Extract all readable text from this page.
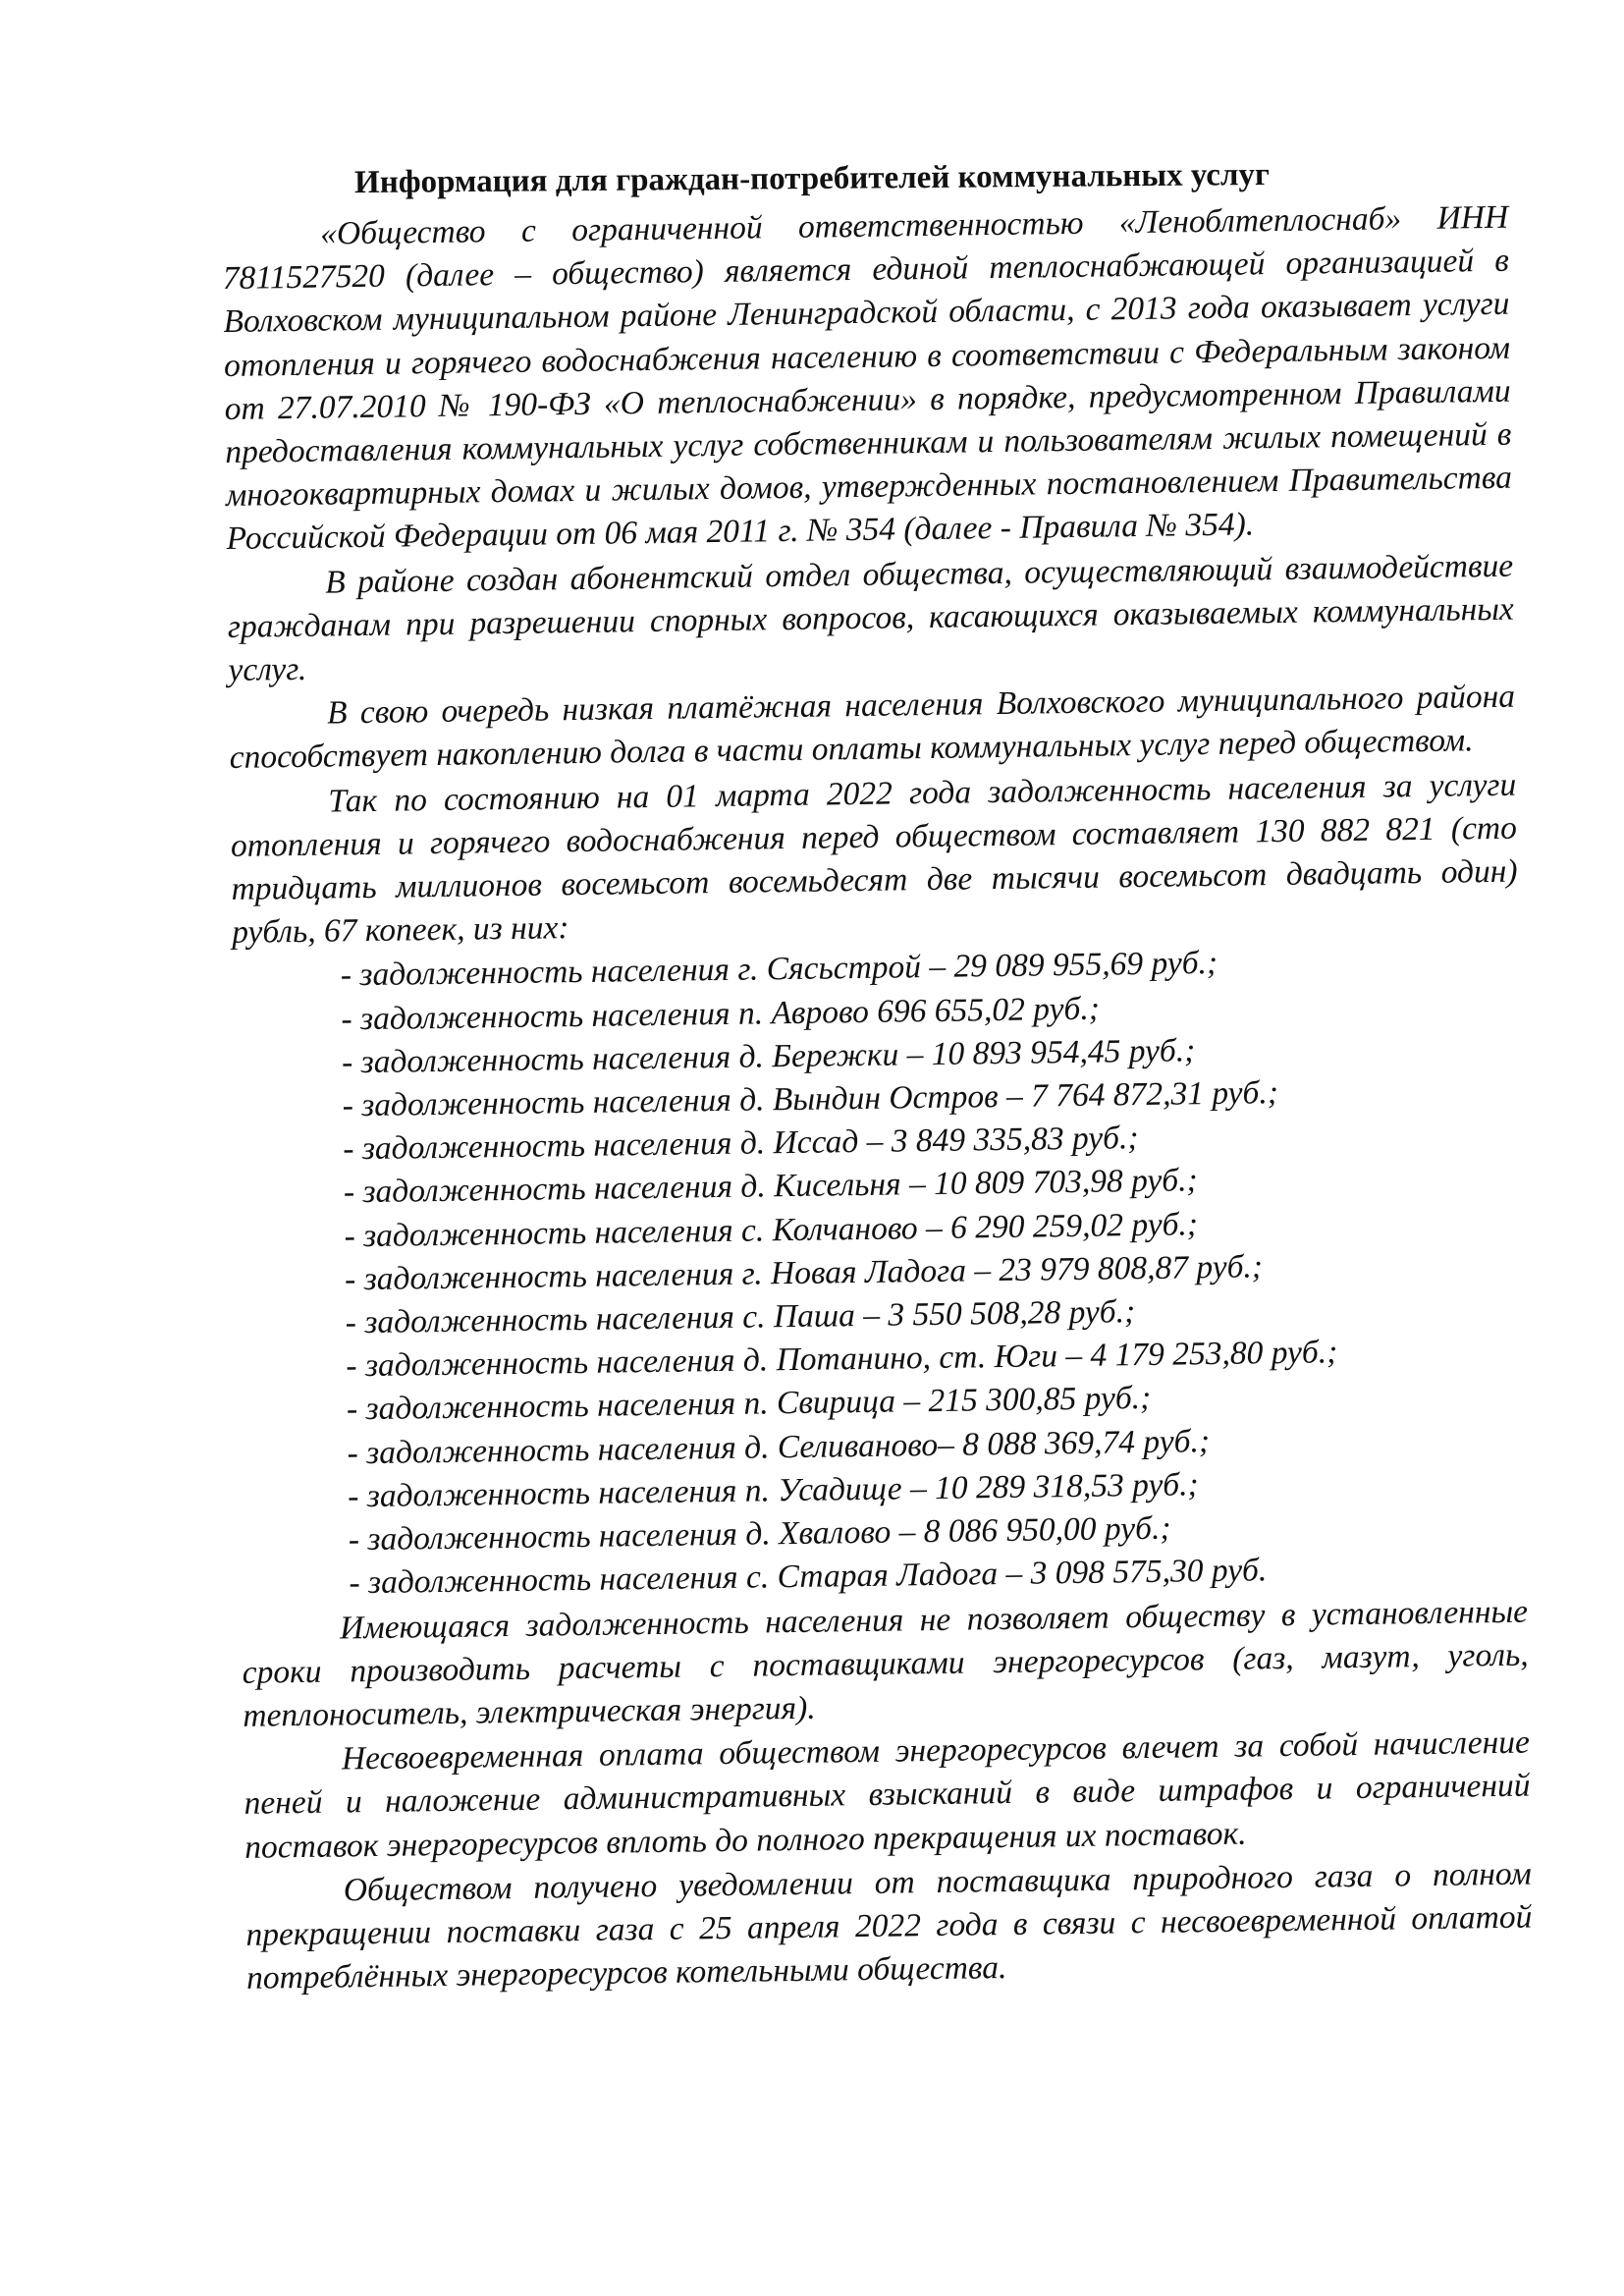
Информация для граждан-потребителей коммунальных услуг

«Общество с ограниченной ответственностью «Леноблтеплоснаб» ИНН 7811527520 (далее – общество) является единой теплоснабжающей организацией в Волховском муниципальном районе Ленинградской области, с 2013 года оказывает услуги отопления и горячего водоснабжения населению в соответствии с Федеральным законом от 27.07.2010 № 190-ФЗ «О теплоснабжении» в порядке, предусмотренном Правилами предоставления коммунальных услуг собственникам и пользователям жилых помещений в многоквартирных домах и жилых домов, утвержденных постановлением Правительства Российской Федерации от 06 мая 2011 г. № 354 (далее - Правила № 354).

В районе создан абонентский отдел общества, осуществляющий взаимодействие гражданам при разрешении спорных вопросов, касающихся оказываемых коммунальных услуг.

В свою очередь низкая платёжная населения Волховского муниципального района способствует накоплению долга в части оплаты коммунальных услуг перед обществом.

Так по состоянию на 01 марта 2022 года задолженность населения за услуги отопления и горячего водоснабжения перед обществом составляет 130 882 821 (сто тридцать миллионов восемьсот восемьдесят две тысячи восемьсот двадцать один) рубль, 67 копеек, из них:

- задолженность населения г. Сясьстрой – 29 089 955,69 руб.;
- задолженность населения п. Аврово 696 655,02 руб.;
- задолженность населения д. Бережки – 10 893 954,45 руб.;
- задолженность населения д. Вындин Остров – 7 764 872,31 руб.;
- задолженность населения д. Иссад – 3 849 335,83 руб.;
- задолженность населения д. Кисельня – 10 809 703,98 руб.;
- задолженность населения с. Колчаново – 6 290 259,02 руб.;
- задолженность населения г. Новая Ладога – 23 979 808,87 руб.;
- задолженность населения с. Паша – 3 550 508,28 руб.;
- задолженность населения д. Потанино, ст. Юги – 4 179 253,80 руб.;
- задолженность населения п. Свирица – 215 300,85 руб.;
- задолженность населения д. Селиваново– 8 088 369,74 руб.;
- задолженность населения п. Усадище – 10 289 318,53 руб.;
- задолженность населения д. Хвалово – 8 086 950,00 руб.;
- задолженность населения с. Старая Ладога – 3 098 575,30 руб.

Имеющаяся задолженность населения не позволяет обществу в установленные сроки производить расчеты с поставщиками энергоресурсов (газ, мазут, уголь, теплоноситель, электрическая энергия).

Несвоевременная оплата обществом энергоресурсов влечет за собой начисление пеней и наложение административных взысканий в виде штрафов и ограничений поставок энергоресурсов вплоть до полного прекращения их поставок.

Обществом получено уведомлении от поставщика природного газа о полном прекращении поставки газа с 25 апреля 2022 года в связи с несвоевременной оплатой потреблённых энергоресурсов котельными общества.
